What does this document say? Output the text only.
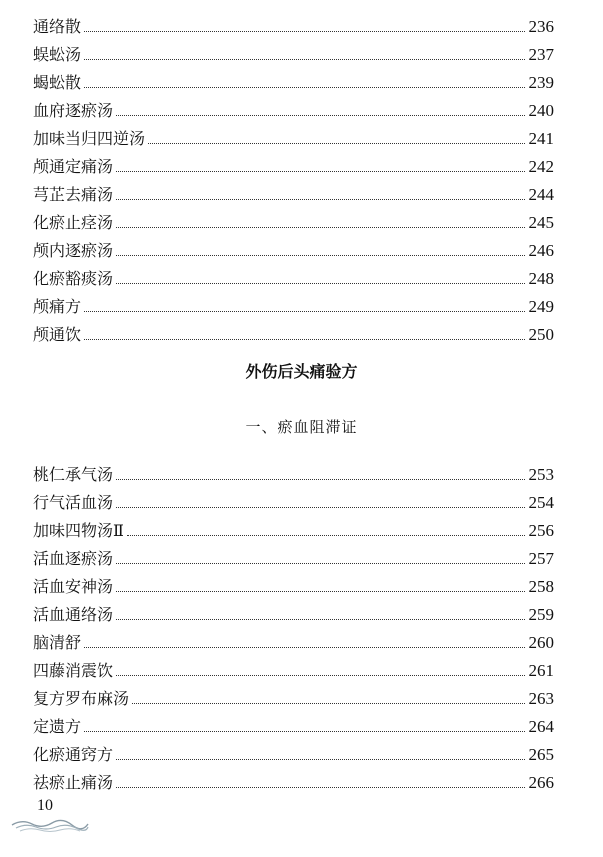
通络散	236
蜈蚣汤	237
蝎蚣散	239
血府逐瘀汤	240
加味当归四逆汤	241
颅通定痛汤	242
芎芷去痛汤	244
化瘀止痉汤	245
颅内逐瘀汤	246
化瘀豁痰汤	248
颅痛方	249
颅通饮	250
外伤后头痛验方
一、瘀血阻滞证
桃仁承气汤	253
行气活血汤	254
加味四物汤Ⅱ	256
活血逐瘀汤	257
活血安神汤	258
活血通络汤	259
脑清舒	260
四藤消震饮	261
复方罗布麻汤	263
定遗方	264
化瘀通窍方	265
祛瘀止痛汤	266
10
